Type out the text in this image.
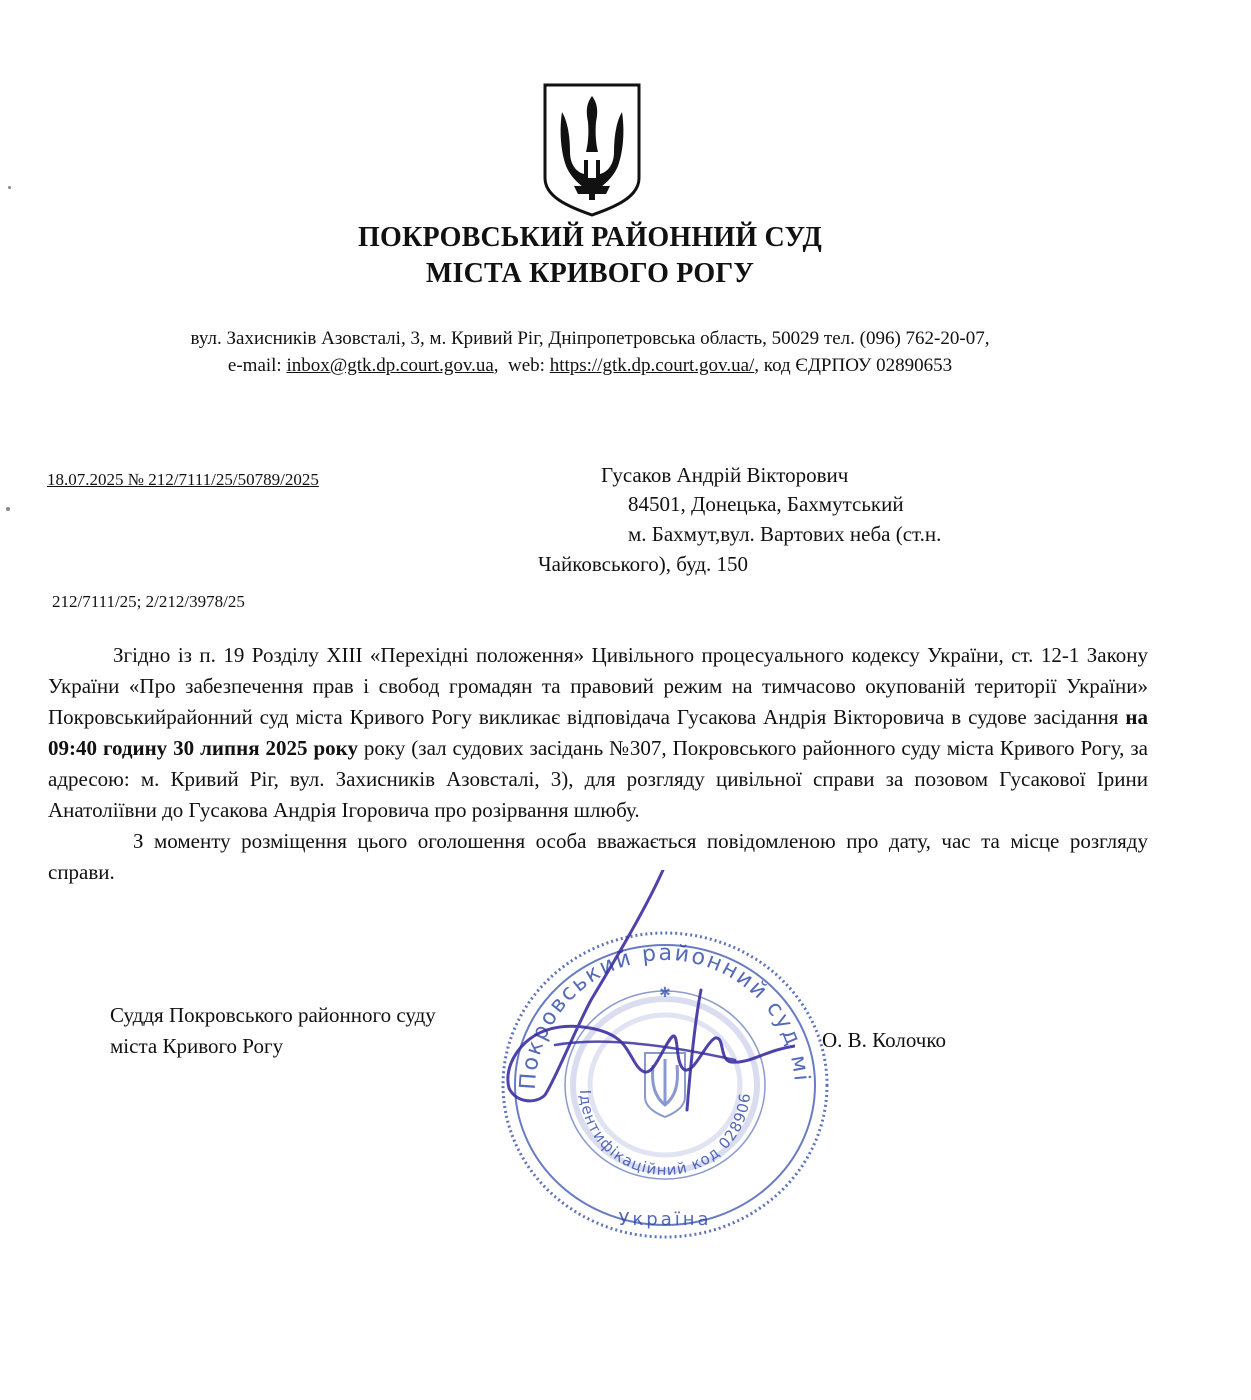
ПОКРОВСЬКИЙ РАЙОННИЙ СУД
МІСТА КРИВОГО РОГУ
вул. Захисників Азовсталі, 3, м. Кривий Ріг, Дніпропетровська область, 50029 тел. (096) 762-20-07,
e-mail: inbox@gtk.dp.court.gov.ua,  web: https://gtk.dp.court.gov.ua/, код ЄДРПОУ 02890653
18.07.2025 № 212/7111/25/50789/2025
212/7111/25; 2/212/3978/25
Гусаков Андрій Вікторович
84501, Донецька, Бахмутський
м. Бахмут,вул. Вартових неба (ст.н.
Чайковського), буд. 150

Згідно із п. 19 Розділу XIII «Перехідні положення» Цивільного процесуального кодексу України, ст. 12-1 Закону України «Про забезпечення прав і свобод громадян та правовий режим на тимчасово окупованій території України» Покровськийрайонний суд міста Кривого Рогу викликає відповідача Гусакова Андрія Вікторовича в судове засідання на 09:40 годину 30 липня 2025 року року (зал судових засідань №307, Покровського районного суду міста Кривого Рогу, за адресою: м. Кривий Ріг, вул. Захисників Азовсталі, 3), для розгляду цивільної справи за позовом Гусакової Ірини Анатоліївни до Гусакова Андрія Ігоровича про розірвання шлюбу.

З моменту розміщення цього оголошення особа вважається повідомленою про дату, час та місце розгляду справи.

Суддя Покровського районного суду
міста Кривого Рогу	О. В. Колочко
Покровський районний суд мі
Ідентифікаційний код 028906
Україна
✱
